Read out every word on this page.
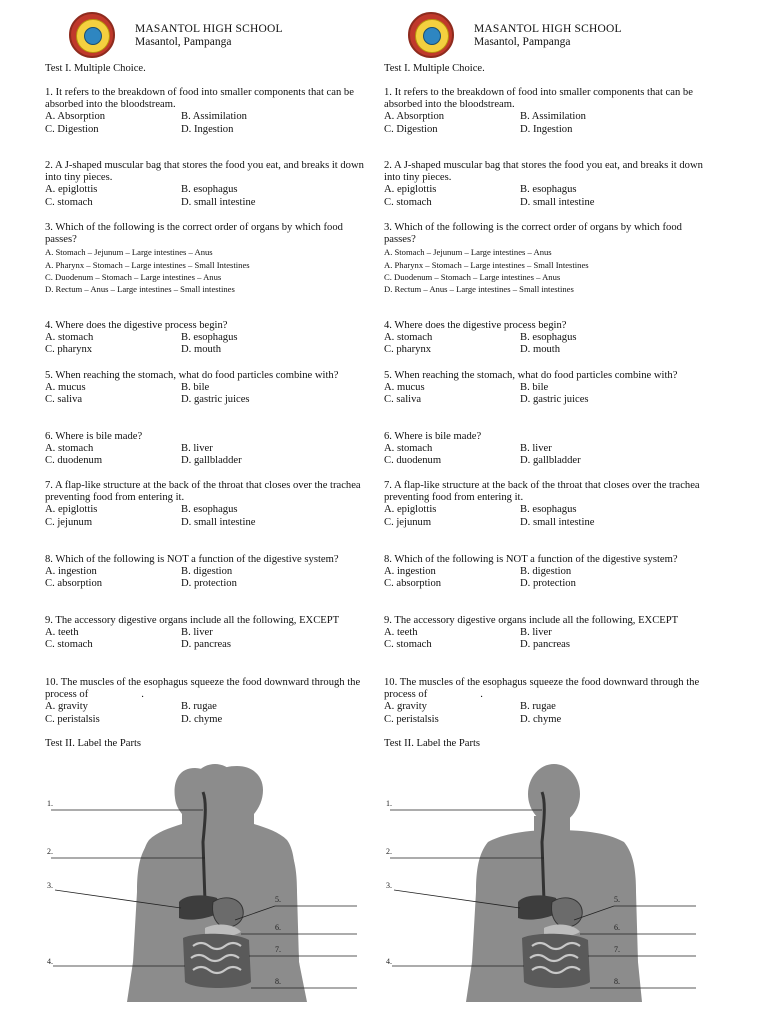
MASANTOL HIGH SCHOOL
Masantol, Pampanga
Test I. Multiple Choice.
1. It refers to the breakdown of food into smaller components that can be absorbed into the bloodstream.
A. Absorption	B. Assimilation
C. Digestion	D. Ingestion
2. A J-shaped muscular bag that stores the food you eat, and breaks it down into tiny pieces.
A. epiglottis	B. esophagus
C. stomach	D. small intestine
3. Which of the following is the correct order of organs by which food passes?
A. Stomach – Jejunum – Large intestines – Anus
A. Pharynx – Stomach – Large intestines – Small Intestines
C. Duodenum – Stomach – Large intestines – Anus
D. Rectum – Anus – Large intestines – Small intestines
4. Where does the digestive process begin?
A. stomach	B. esophagus
C. pharynx	D. mouth
5. When reaching the stomach, what do food particles combine with?
A. mucus	B. bile
C. saliva	D. gastric juices
6. Where is bile made?
A. stomach	B. liver
C. duodenum	D. gallbladder
7. A flap-like structure at the back of the throat that closes over the trachea preventing food from entering it.
A. epiglottis	B. esophagus
C. jejunum	D. small intestine
8. Which of the following is NOT a function of the digestive system?
A. ingestion	B. digestion
C. absorption	D. protection
9. The accessory digestive organs include all the following, EXCEPT
A. teeth	B. liver
C. stomach	D. pancreas
10. The muscles of the esophagus squeeze the food downward through the process of                    .
A. gravity	B. rugae
C. peristalsis	D. chyme
Test II. Label the Parts
1.
2.
3.
4.
5.
6.
7.
8.
MASANTOL HIGH SCHOOL
Masantol, Pampanga
Test I. Multiple Choice.
1. It refers to the breakdown of food into smaller components that can be absorbed into the bloodstream.
A. Absorption	B. Assimilation
C. Digestion	D. Ingestion
2. A J-shaped muscular bag that stores the food you eat, and breaks it down into tiny pieces.
A. epiglottis	B. esophagus
C. stomach	D. small intestine
3. Which of the following is the correct order of organs by which food passes?
A. Stomach – Jejunum – Large intestines – Anus
A. Pharynx – Stomach – Large intestines – Small Intestines
C. Duodenum – Stomach – Large intestines – Anus
D. Rectum – Anus – Large intestines – Small intestines
4. Where does the digestive process begin?
A. stomach	B. esophagus
C. pharynx	D. mouth
5. When reaching the stomach, what do food particles combine with?
A. mucus	B. bile
C. saliva	D. gastric juices
6. Where is bile made?
A. stomach	B. liver
C. duodenum	D. gallbladder
7. A flap-like structure at the back of the throat that closes over the trachea preventing food from entering it.
A. epiglottis	B. esophagus
C. jejunum	D. small intestine
8. Which of the following is NOT a function of the digestive system?
A. ingestion	B. digestion
C. absorption	D. protection
9. The accessory digestive organs include all the following, EXCEPT
A. teeth	B. liver
C. stomach	D. pancreas
10. The muscles of the esophagus squeeze the food downward through the process of                    .
A. gravity	B. rugae
C. peristalsis	D. chyme
Test II. Label the Parts
1.
2.
3.
4.
5.
6.
7.
8.
